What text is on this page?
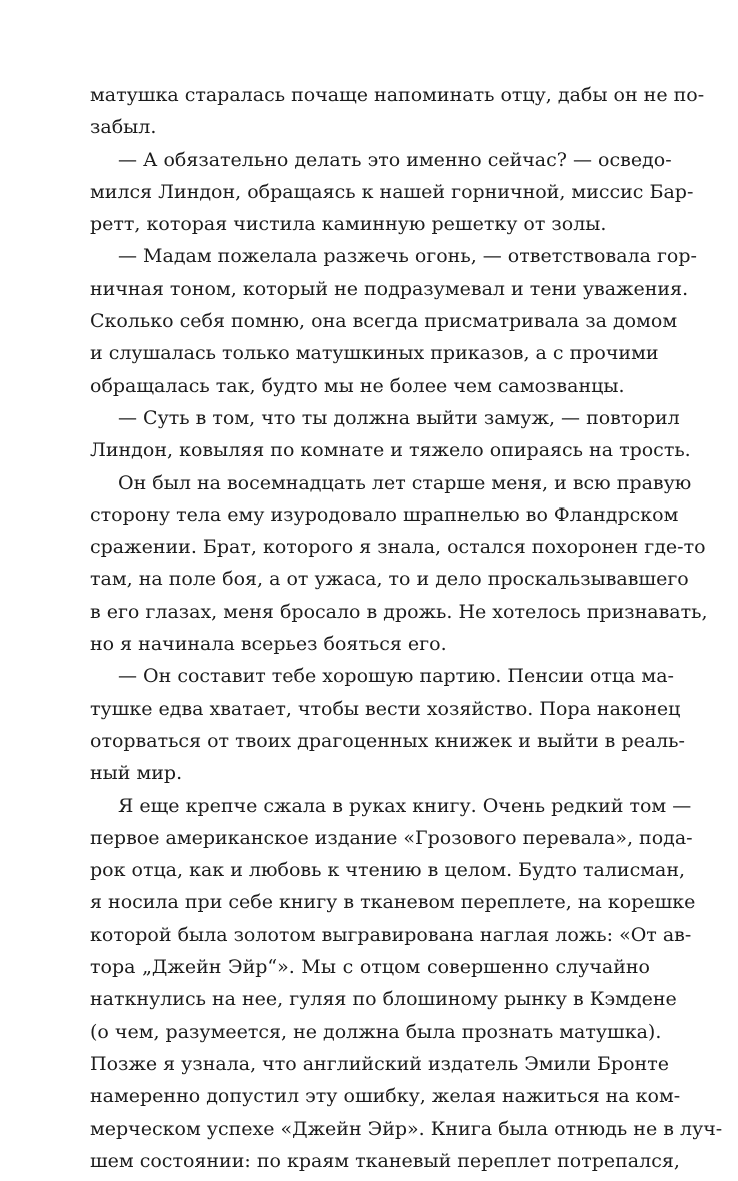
матушка старалась почаще напоминать отцу, дабы он не по-
забыл.
— А обязательно делать это именно сейчас? — осведо-
мился Линдон, обращаясь к нашей горничной, миссис Бар-
ретт, которая чистила каминную решетку от золы.
— Мадам пожелала разжечь огонь, — ответствовала гор-
ничная тоном, который не подразумевал и тени уважения.
Сколько себя помню, она всегда присматривала за домом
и слушалась только матушкиных приказов, а с прочими
обращалась так, будто мы не более чем самозванцы.
— Суть в том, что ты должна выйти замуж, — повторил
Линдон, ковыляя по комнате и тяжело опираясь на трость.
Он был на восемнадцать лет старше меня, и всю правую
сторону тела ему изуродовало шрапнелью во Фландрском
сражении. Брат, которого я знала, остался похоронен где-то
там, на поле боя, а от ужаса, то и дело проскальзывавшего
в его глазах, меня бросало в дрожь. Не хотелось признавать,
но я начинала всерьез бояться его.
— Он составит тебе хорошую партию. Пенсии отца ма-
тушке едва хватает, чтобы вести хозяйство. Пора наконец
оторваться от твоих драгоценных книжек и выйти в реаль-
ный мир.
Я еще крепче сжала в руках книгу. Очень редкий том —
первое американское издание «Грозового перевала», пода-
рок отца, как и любовь к чтению в целом. Будто талисман,
я носила при себе книгу в тканевом переплете, на корешке
которой была золотом выгравирована наглая ложь: «От ав-
тора „Джейн Эйр“». Мы с отцом совершенно случайно
наткнулись на нее, гуляя по блошиному рынку в Кэмдене
(о чем, разумеется, не должна была прознать матушка).
Позже я узнала, что английский издатель Эмили Бронте
намеренно допустил эту ошибку, желая нажиться на ком-
мерческом успехе «Джейн Эйр». Книга была отнюдь не в луч-
шем состоянии: по краям тканевый переплет потрепался,
